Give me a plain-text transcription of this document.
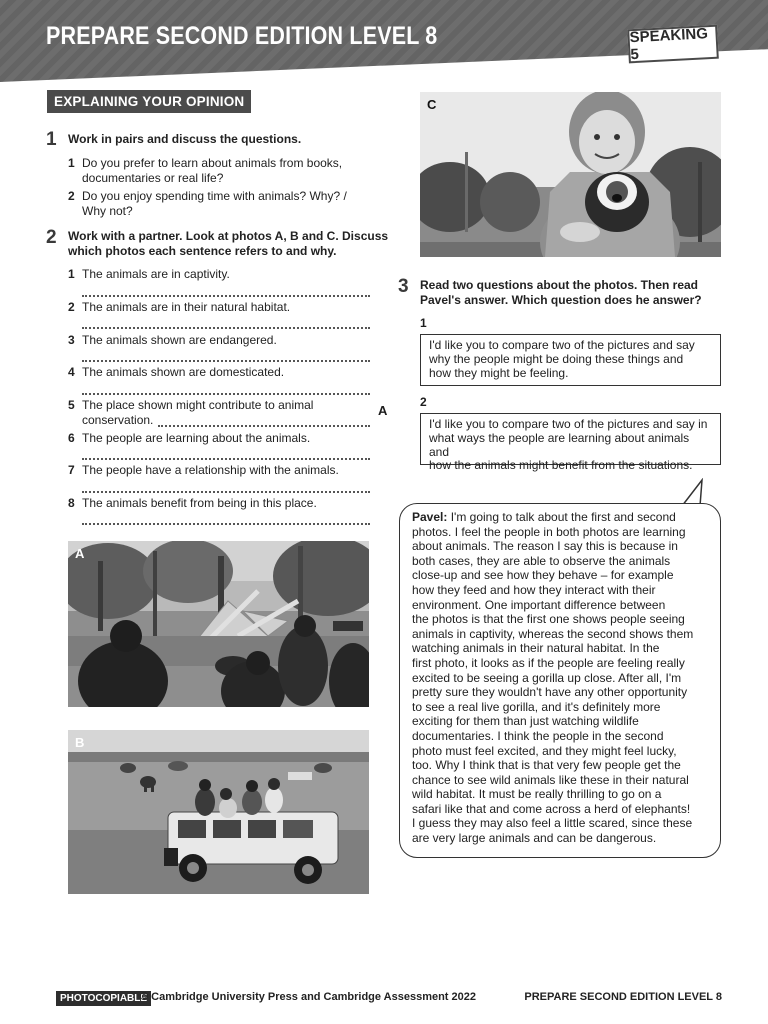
PREPARE SECOND EDITION LEVEL 8	SPEAKING 5
EXPLAINING YOUR OPINION
1 Work in pairs and discuss the questions.
1 Do you prefer to learn about animals from books,
documentaries or real life?
2 Do you enjoy spending time with animals? Why? /
Why not?
2 Work with a partner. Look at photos A, B and C. Discuss
which photos each sentence refers to and why.
1 The animals are in captivity.
2 The animals are in their natural habitat.
3 The animals shown are endangered.
4 The animals shown are domesticated.
5 The place shown might contribute to animal
conservation.
A
6 The people are learning about the animals.
7 The people have a relationship with the animals.
8 The animals benefit from being in this place.
A
B
C
3 Read two questions about the photos. Then read
Pavel's answer. Which question does he answer?
1
I'd like you to compare two of the pictures and say
why the people might be doing these things and
how they might be feeling.
2
I'd like you to compare two of the pictures and say in
what ways the people are learning about animals and
how the animals might benefit from the situations.
Pavel: I'm going to talk about the first and second
photos. I feel the people in both photos are learning
about animals. The reason I say this is because in
both cases, they are able to observe the animals
close-up and see how they behave – for example
how they feed and how they interact with their
environment. One important difference between
the photos is that the first one shows people seeing
animals in captivity, whereas the second shows them
watching animals in their natural habitat. In the
first photo, it looks as if the people are feeling really
excited to be seeing a gorilla up close. After all, I'm
pretty sure they wouldn't have any other opportunity
to see a real live gorilla, and it's definitely more
exciting for them than just watching wildlife
documentaries. I think the people in the second
photo must feel excited, and they might feel lucky,
too. Why I think that is that very few people get the
chance to see wild animals like these in their natural
wild habitat. It must be really thrilling to go on a
safari like that and come across a herd of elephants!
I guess they may also feel a little scared, since these
are very large animals and can be dangerous.
PHOTOCOPIABLE
© Cambridge University Press and Cambridge Assessment 2022	PREPARE SECOND EDITION LEVEL 8
